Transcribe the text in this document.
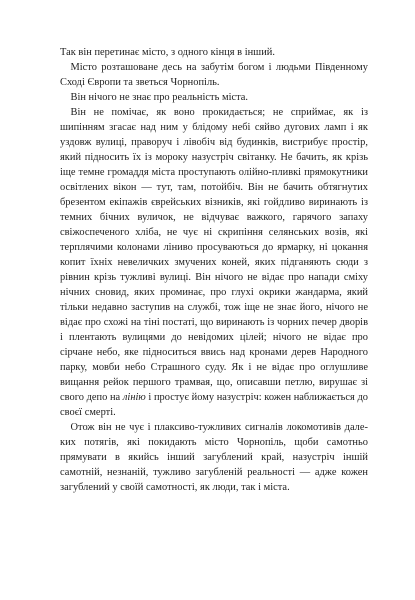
Так він перетинає місто, з одного кінця в інший.

Місто розташоване десь на забутім богом і людьми Південному Сході Європи та зветься Чорнопіль.

Він нічого не знає про реальність міста.

Він не помічає, як воно прокидається; не сприймає, як із шипінням згасає над ним у блідому небі сяйво дугових ламп і як уздовж вулиці, праворуч і лівобіч від будинків, вистрибує простір, який підносить їх із мороку назустріч світанку. Не бачить, як крізь іще темне громаддя міста проступають олійно-пливкі прямокутники освітлених вікон — тут, там, потойбіч. Він не бачить обтягнутих брезентом екіпажів єврейських візників, які гойдливо виринають із темних бічних вуличок, не відчуває важкого, гарячого запаху свіжоспеченого хліба, не чує ні скрипіння селянських возів, які терплячими колонами ліниво просуваються до ярмарку, ні цокання копит їхніх невеличких змучених коней, яких підганяють сюди з рівнин крізь тужливі вулиці. Він нічого не відає про напади сміху нічних сновид, яких проминає, про глухі окрики жандарма, який тільки недавно заступив на службі, тож іще не знає його, нічого не відає про схожі на тіні постаті, що виринають із чорних печер дворів і плентають вулицями до невідомих цілей; нічого не відає про сірчане небо, яке підноситься ввись над кронами дерев Народного парку, мовби небо Страшного суду. Як і не відає про оглушливе вищання рейок першого трамвая, що, описавши петлю, вирушає зі свого депо на лінію і простує йому назустріч: кожен наближається до своєї смерті.

Отож він не чує і плаксиво-тужливих сигналів локомотивів далеких потягів, які покидають місто Чорнопіль, щоби самотньо прямувати в якийсь інший загублений край, назустріч іншій самотній, незнаній, тужливо загубленій реальності — адже кожен загублений у своїй самотності, як люди, так і міста.
